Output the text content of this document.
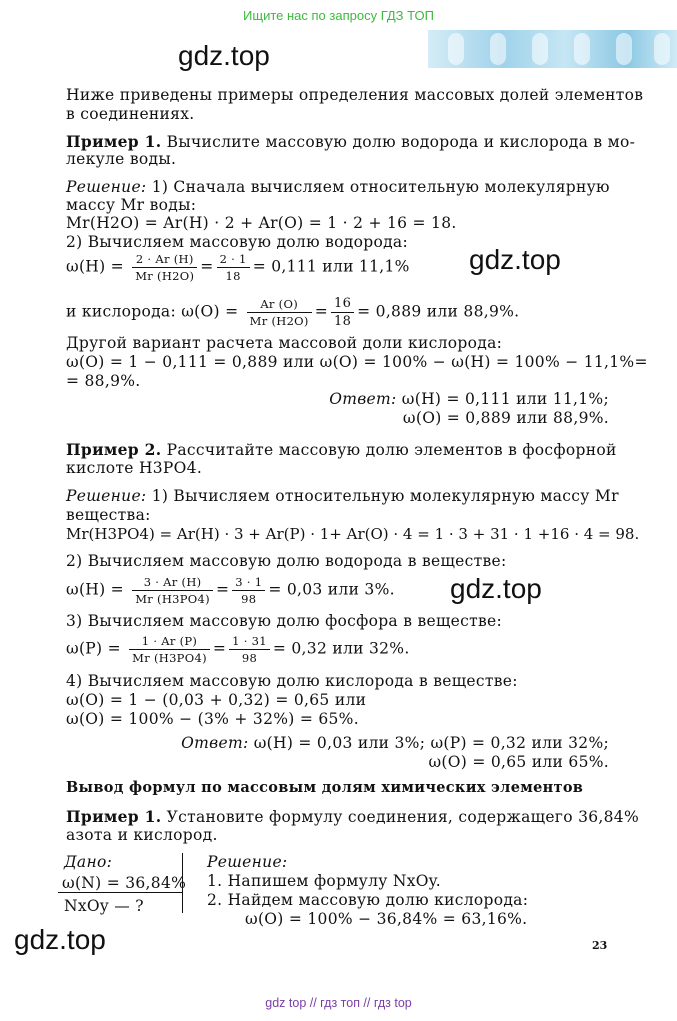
Ищите нас по запросу ГДЗ ТОП
gdz.top
Ниже приведены примеры определения массовых долей элементов
в соединениях.
Пример 1. Вычислите массовую долю водорода и кислорода в мо-
лекуле воды.
Решение: 1) Сначала вычисляем относительную молекулярную
массу Mr воды:
Mr(H2O) = Ar(H) · 2 + Ar(O) = 1 · 2 + 16 = 18.
2) Вычисляем массовую долю водорода:
$\omega(H) = \frac{2 \cdot Ar (H)}{Mr (H2O)} = \frac{2 \cdot 1}{18} = 0,111$ или 11,1% gdz.top
и кислорода: $\omega(O) = \frac{Ar (O)}{Mr (H2O)} = \frac{16}{18} = 0,889$ или 88,9%.
Другой вариант расчета массовой доли кислорода:
ω(O) = 1 − 0,111 = 0,889 или ω(O) = 100% − ω(H) = 100% − 11,1%=
= 88,9%.
Ответ: ω(H) = 0,111 или 11,1%;
ω(O) = 0,889 или 88,9%.
Пример 2. Рассчитайте массовую долю элементов в фосфорной
кислоте H3PO4.
Решение: 1) Вычисляем относительную молекулярную массу Mr
вещества:
Mr(H3PO4) = Ar(H) · 3 + Ar(P) · 1+ Ar(O) · 4 = 1 · 3 + 31 · 1 +16 · 4 = 98.
2) Вычисляем массовую долю водорода в веществе:
$\omega(H) = \frac{3 \cdot Ar (H)}{Mr (H3PO4)} = \frac{3 \cdot 1}{98} = 0,03$ или 3%. gdz.top
3) Вычисляем массовую долю фосфора в веществе:
$\omega(P) = \frac{1 \cdot Ar (P)}{Mr (H3PO4)} = \frac{1 \cdot 31}{98} = 0,32$ или 32%.
4) Вычисляем массовую долю кислорода в веществе:
ω(O) = 1 − (0,03 + 0,32) = 0,65 или
ω(O) = 100% − (3% + 32%) = 65%.
Ответ: ω(H) = 0,03 или 3%; ω(P) = 0,32 или 32%;
ω(O) = 0,65 или 65%.
Вывод формул по массовым долям химических элементов
Пример 1. Установите формулу соединения, содержащего 36,84%
азота и кислород.
Дано:
ω(N) = 36,84%
NxOy — ?
Решение:
1. Напишем формулу NxOy.
2. Найдем массовую долю кислорода:
ω(O) = 100% − 36,84% = 63,16%.
gdz.top	23
gdz top // гдз топ // гдз top
